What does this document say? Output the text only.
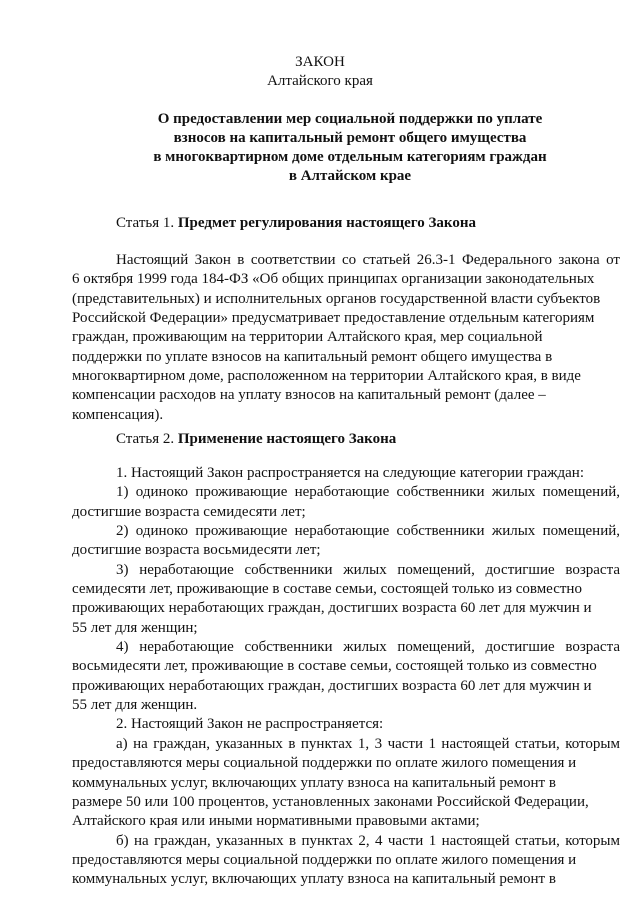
ЗАКОН
Алтайского края
О предоставлении мер социальной поддержки по уплате
взносов на капитальный ремонт общего имущества
в многоквартирном доме отдельным категориям граждан
в Алтайском крае
Статья 1. Предмет регулирования настоящего Закона
Настоящий Закон в соответствии со статьей 26.3-1 Федерального закона от
6 октября 1999 года 184-ФЗ «Об общих принципах организации законодательных
(представительных) и исполнительных органов государственной власти субъектов
Российской Федерации» предусматривает предоставление отдельным категориям
граждан, проживающим на территории Алтайского края, мер социальной
поддержки по уплате взносов на капитальный ремонт общего имущества в
многоквартирном доме, расположенном на территории Алтайского края, в виде
компенсации расходов на уплату взносов на капитальный ремонт (далее –
компенсация).
Статья 2. Применение настоящего Закона
1. Настоящий Закон распространяется на следующие категории граждан:
1) одиноко проживающие неработающие собственники жилых помещений,
достигшие возраста семидесяти лет;
2) одиноко проживающие неработающие собственники жилых помещений,
достигшие возраста восьмидесяти лет;
3) неработающие собственники жилых помещений, достигшие возраста
семидесяти лет, проживающие в составе семьи, состоящей только из совместно
проживающих неработающих граждан, достигших возраста 60 лет для мужчин и
55 лет для женщин;
4) неработающие собственники жилых помещений, достигшие возраста
восьмидесяти лет, проживающие в составе семьи, состоящей только из совместно
проживающих неработающих граждан, достигших возраста 60 лет для мужчин и
55 лет для женщин.
2. Настоящий Закон не распространяется:
а) на граждан, указанных в пунктах 1, 3 части 1 настоящей статьи, которым
предоставляются меры социальной поддержки по оплате жилого помещения и
коммунальных услуг, включающих уплату взноса на капитальный ремонт в
размере 50 или 100 процентов, установленных законами Российской Федерации,
Алтайского края или иными нормативными правовыми актами;
б) на граждан, указанных в пунктах 2, 4 части 1 настоящей статьи, которым
предоставляются меры социальной поддержки по оплате жилого помещения и
коммунальных услуг, включающих уплату взноса на капитальный ремонт в
